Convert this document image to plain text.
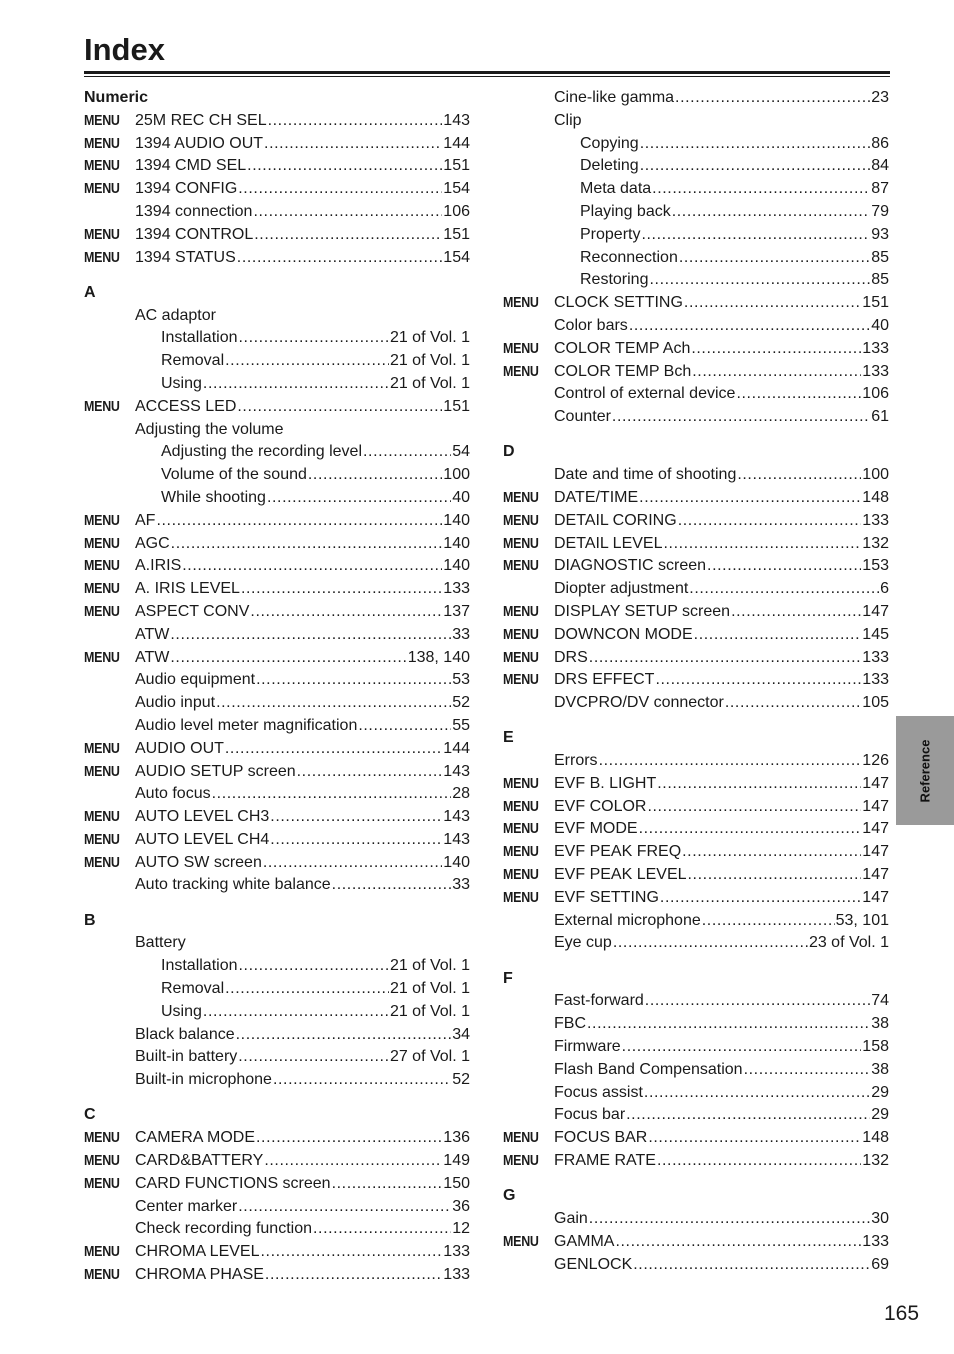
Index
Numeric
MENU 25M REC CH SEL .....	143
MENU 1394 AUDIO OUT .....	144
MENU 1394 CMD SEL .....	151
MENU 1394 CONFIG .....	154
1394 connection .....	106
MENU 1394 CONTROL .....	151
MENU 1394 STATUS .....	154
A
AC adaptor
Installation .....	21 of Vol. 1
Removal .....	21 of Vol. 1
Using .....	21 of Vol. 1
MENU ACCESS LED .....	151
Adjusting the volume
Adjusting the recording level .....	54
Volume of the sound .....	100
While shooting .....	40
MENU AF .....	140
MENU AGC .....	140
MENU A.IRIS .....	140
MENU A. IRIS LEVEL .....	133
MENU ASPECT CONV .....	137
ATW .....	33
MENU ATW .....	138, 140
Audio equipment .....	53
Audio input .....	52
Audio level meter magnification .....	55
MENU AUDIO OUT .....	144
MENU AUDIO SETUP screen .....	143
Auto focus .....	28
MENU AUTO LEVEL CH3 .....	143
MENU AUTO LEVEL CH4 .....	143
MENU AUTO SW screen .....	140
Auto tracking white balance .....	33
B
Battery
Installation .....	21 of Vol. 1
Removal .....	21 of Vol. 1
Using .....	21 of Vol. 1
Black balance .....	34
Built-in battery .....	27 of Vol. 1
Built-in microphone .....	52
C
MENU CAMERA MODE .....	136
MENU CARD&BATTERY .....	149
MENU CARD FUNCTIONS screen .....	150
Center marker .....	36
Check recording function .....	12
MENU CHROMA LEVEL .....	133
MENU CHROMA PHASE .....	133
Cine-like gamma .....	23
Clip
Copying .....	86
Deleting .....	84
Meta data .....	87
Playing back .....	79
Property .....	93
Reconnection .....	85
Restoring .....	85
MENU CLOCK SETTING .....	151
Color bars .....	40
MENU COLOR TEMP Ach .....	133
MENU COLOR TEMP Bch .....	133
Control of external device .....	106
Counter .....	61
D
Date and time of shooting .....	100
MENU DATE/TIME .....	148
MENU DETAIL CORING .....	133
MENU DETAIL LEVEL .....	132
MENU DIAGNOSTIC screen .....	153
Diopter adjustment .....	6
MENU DISPLAY SETUP screen .....	147
MENU DOWNCON MODE .....	145
MENU DRS .....	133
MENU DRS EFFECT .....	133
DVCPRO/DV connector .....	105
E
Errors .....	126
MENU EVF B. LIGHT .....	147
MENU EVF COLOR .....	147
MENU EVF MODE .....	147
MENU EVF PEAK FREQ .....	147
MENU EVF PEAK LEVEL .....	147
MENU EVF SETTING .....	147
External microphone .....	53, 101
Eye cup .....	23 of Vol. 1
F
Fast-forward .....	74
FBC .....	38
Firmware .....	158
Flash Band Compensation .....	38
Focus assist .....	29
Focus bar .....	29
MENU FOCUS BAR .....	148
MENU FRAME RATE .....	132
G
Gain .....	30
MENU GAMMA .....	133
GENLOCK .....	69
Reference
165
